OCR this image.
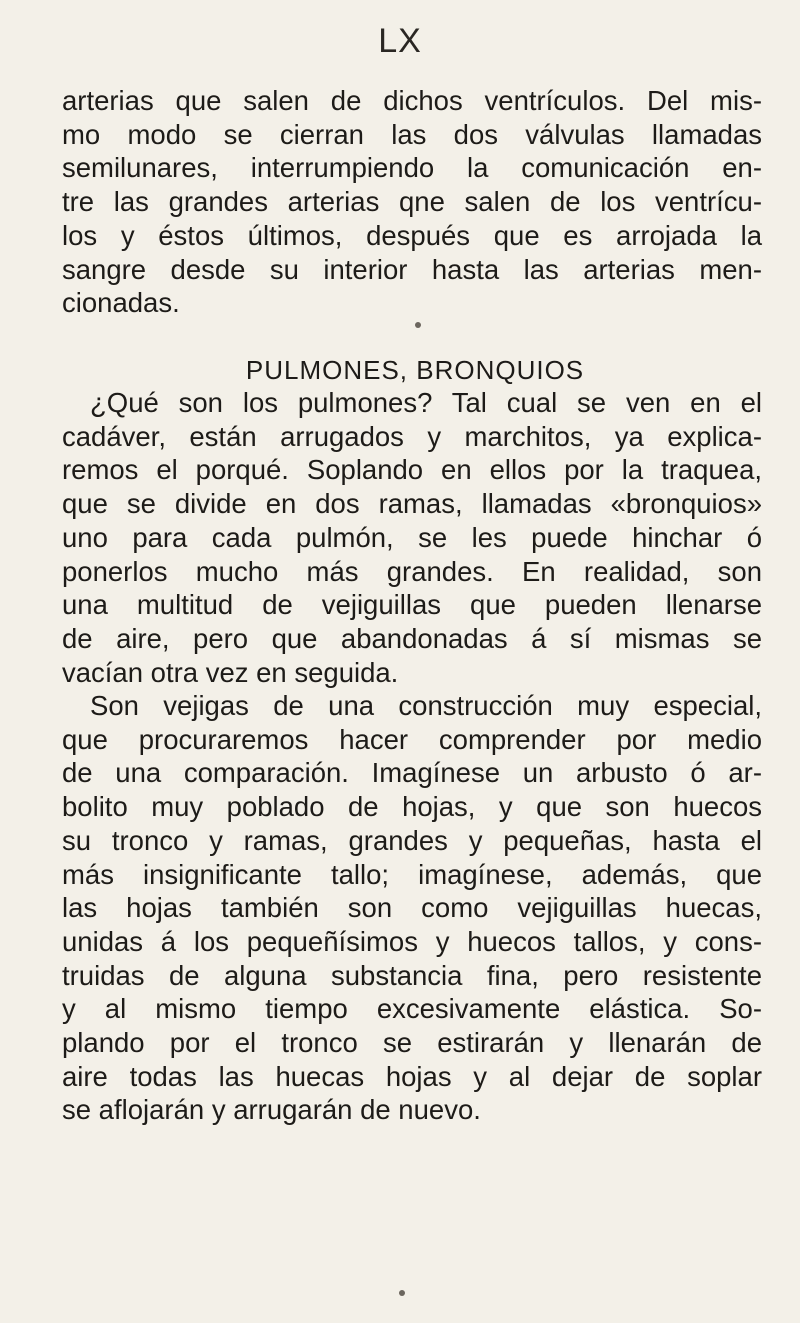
LX
arterias que salen de dichos ventrículos. Del mis-
mo modo se cierran las dos válvulas llamadas
semilunares, interrumpiendo la comunicación en-
tre las grandes arterias qne salen de los ventrícu-
los y éstos últimos, después que es arrojada la
sangre desde su interior hasta las arterias men-
cionadas.
PULMONES, BRONQUIOS
¿Qué son los pulmones? Tal cual se ven en el
cadáver, están arrugados y marchitos, ya explica-
remos el porqué. Soplando en ellos por la traquea,
que se divide en dos ramas, llamadas «bronquios»
uno para cada pulmón, se les puede hinchar ó
ponerlos mucho más grandes. En realidad, son
una multitud de vejiguillas que pueden llenarse
de aire, pero que abandonadas á sí mismas se
vacían otra vez en seguida.
Son vejigas de una construcción muy especial,
que procuraremos hacer comprender por medio
de una comparación. Imagínese un arbusto ó ar-
bolito muy poblado de hojas, y que son huecos
su tronco y ramas, grandes y pequeñas, hasta el
más insignificante tallo; imagínese, además, que
las hojas también son como vejiguillas huecas,
unidas á los pequeñísimos y huecos tallos, y cons-
truidas de alguna substancia fina, pero resistente
y al mismo tiempo excesivamente elástica. So-
plando por el tronco se estirarán y llenarán de
aire todas las huecas hojas y al dejar de soplar
se aflojarán y arrugarán de nuevo.
